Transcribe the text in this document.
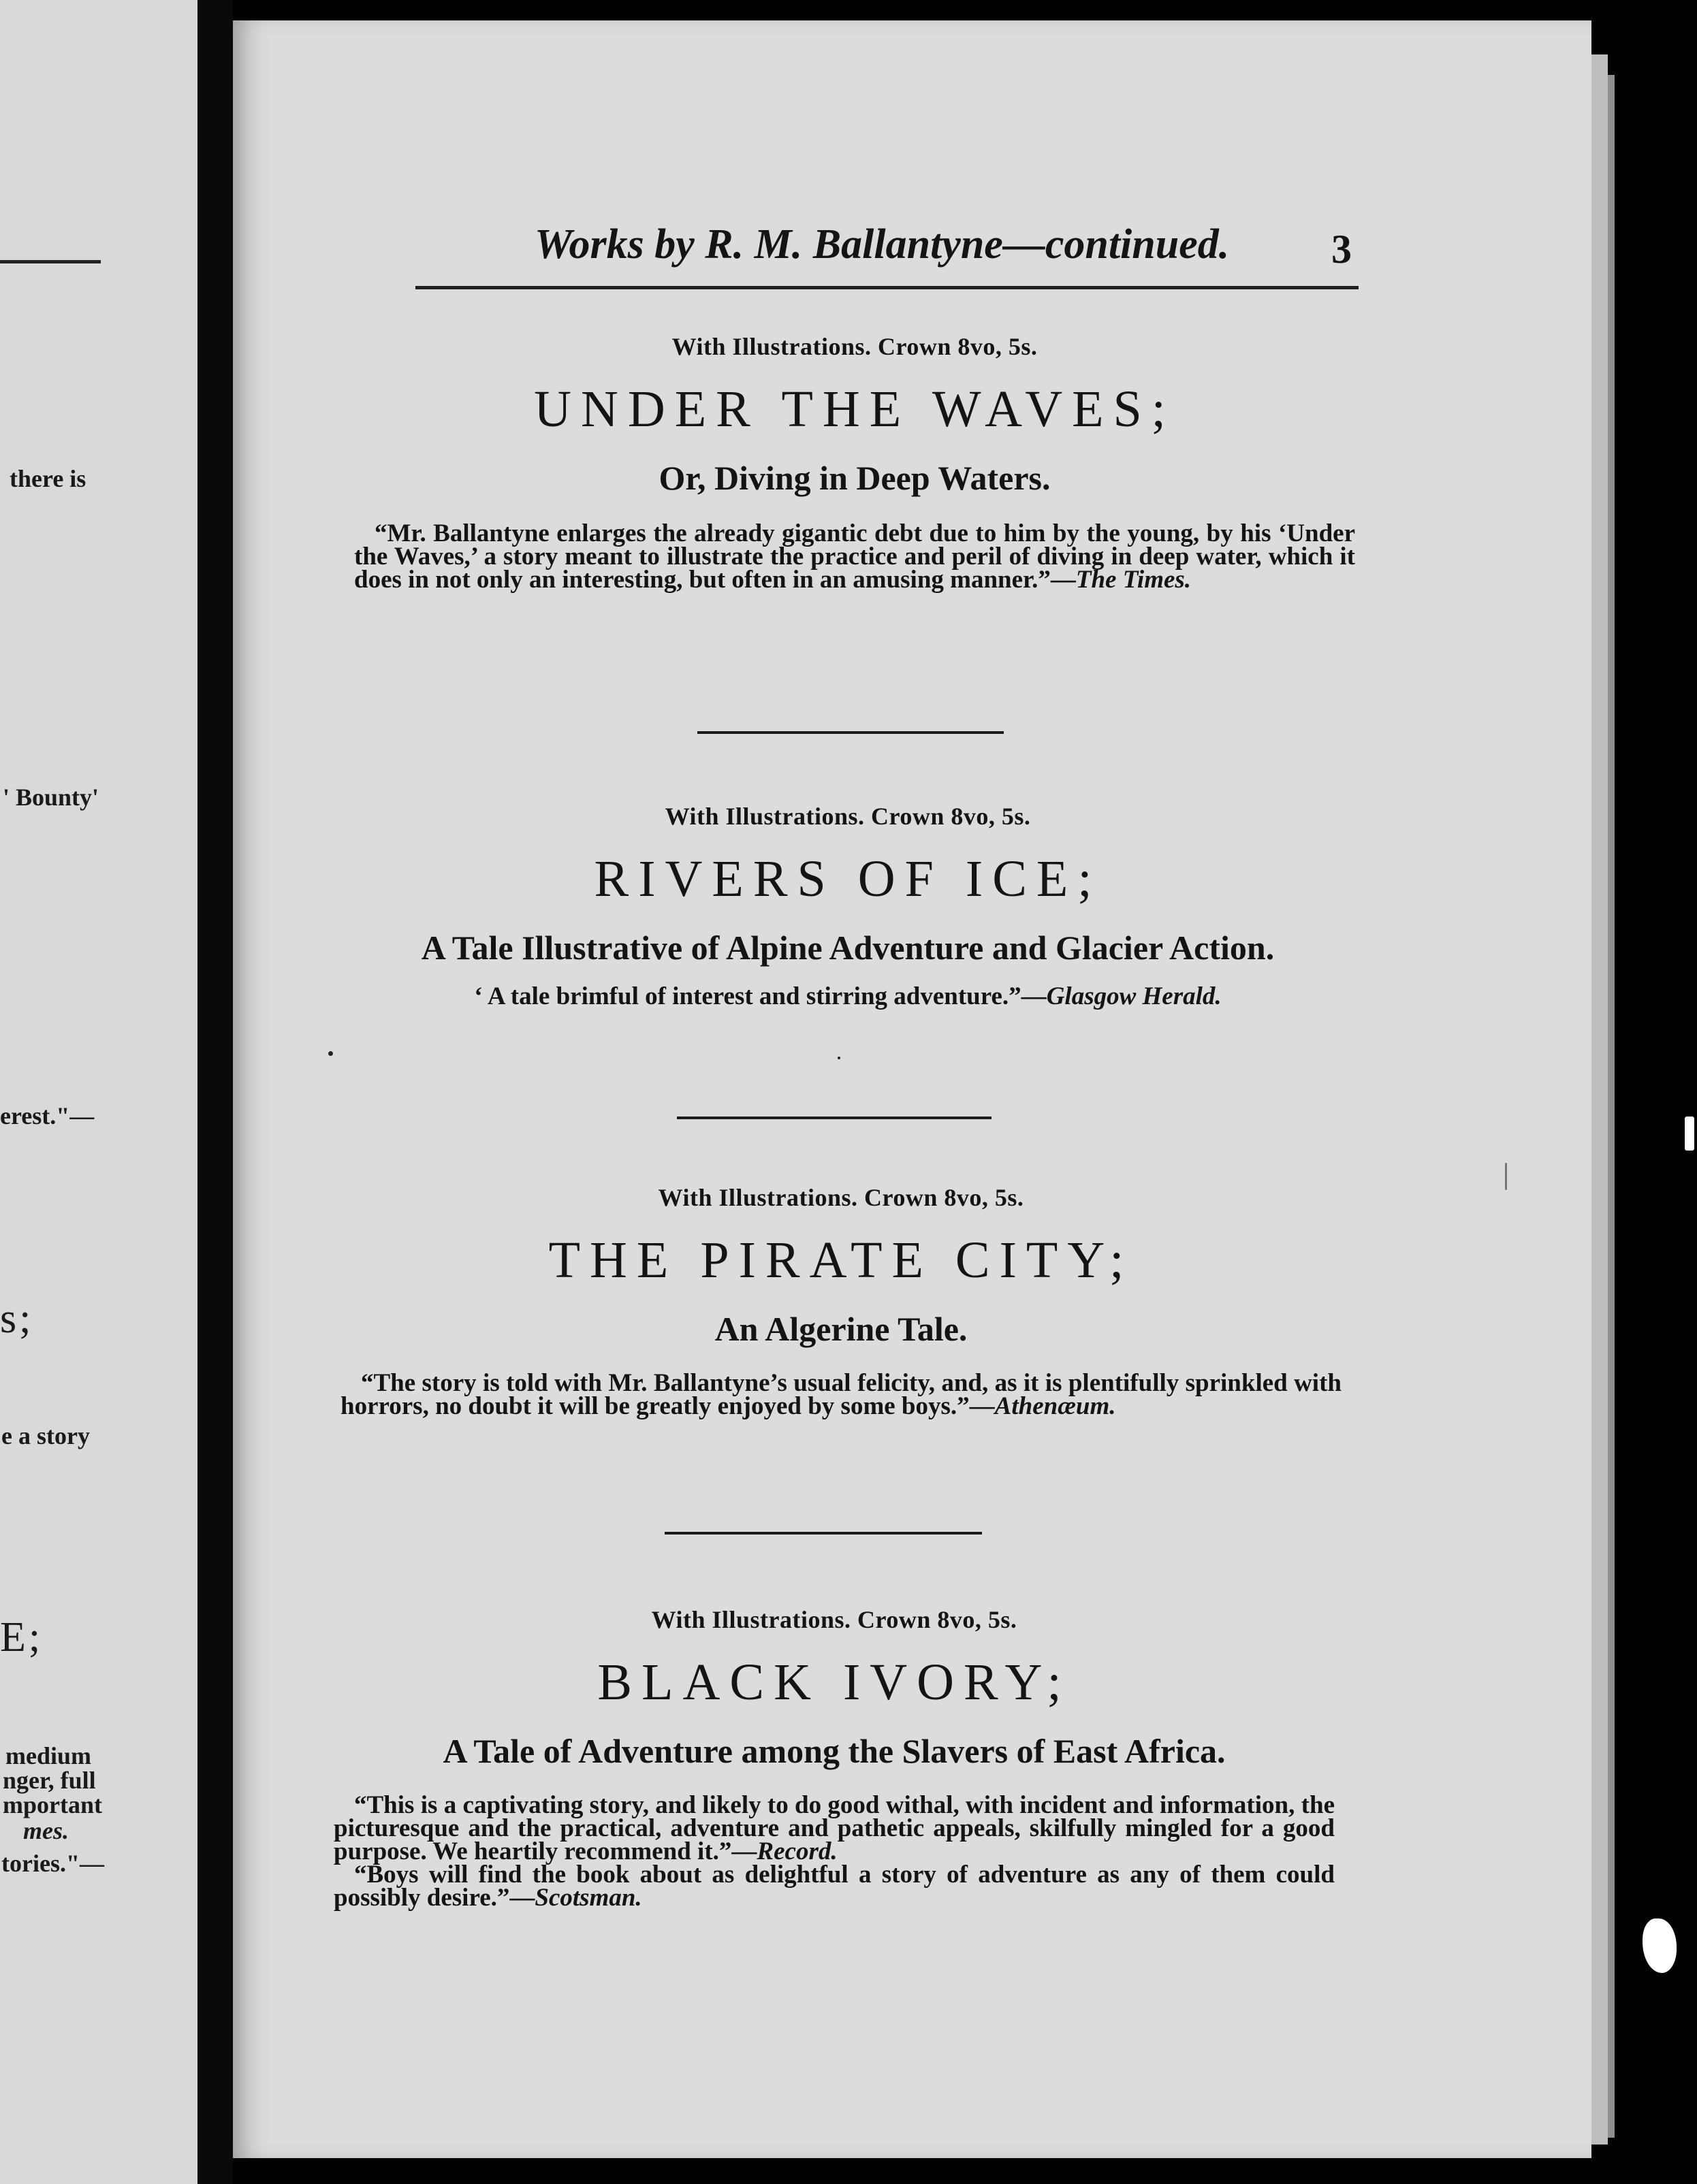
there is
' Bounty'
erest."—
s;
e a story
E;
medium
nger, full
mportant
mes.
tories."—
Works by R. M. Ballantyne—continued. 3

With Illustrations. Crown 8vo, 5s.

UNDER THE WAVES;
Or, Diving in Deep Waters.

“Mr. Ballantyne enlarges the already gigantic debt due to him by the young, by his ‘Under the Waves,’ a story meant to illustrate the practice and peril of diving in deep water, which it does in not only an interesting, but often in an amusing manner.”—The Times.

With Illustrations. Crown 8vo, 5s.

RIVERS OF ICE;
A Tale Illustrative of Alpine Adventure and Glacier Action.

‘ A tale brimful of interest and stirring adventure.”—Glasgow Herald.

With Illustrations. Crown 8vo, 5s.

THE PIRATE CITY;
An Algerine Tale.

“The story is told with Mr. Ballantyne’s usual felicity, and, as it is plentifully sprinkled with horrors, no doubt it will be greatly enjoyed by some boys.”—Athenæum.

With Illustrations. Crown 8vo, 5s.

BLACK IVORY;
A Tale of Adventure among the Slavers of East Africa.

“This is a captivating story, and likely to do good withal, with incident and information, the picturesque and the practical, adventure and pathetic appeals, skilfully mingled for a good purpose. We heartily recommend it.”—Record.

“Boys will find the book about as delightful a story of adventure as any of them could possibly desire.”—Scotsman.
